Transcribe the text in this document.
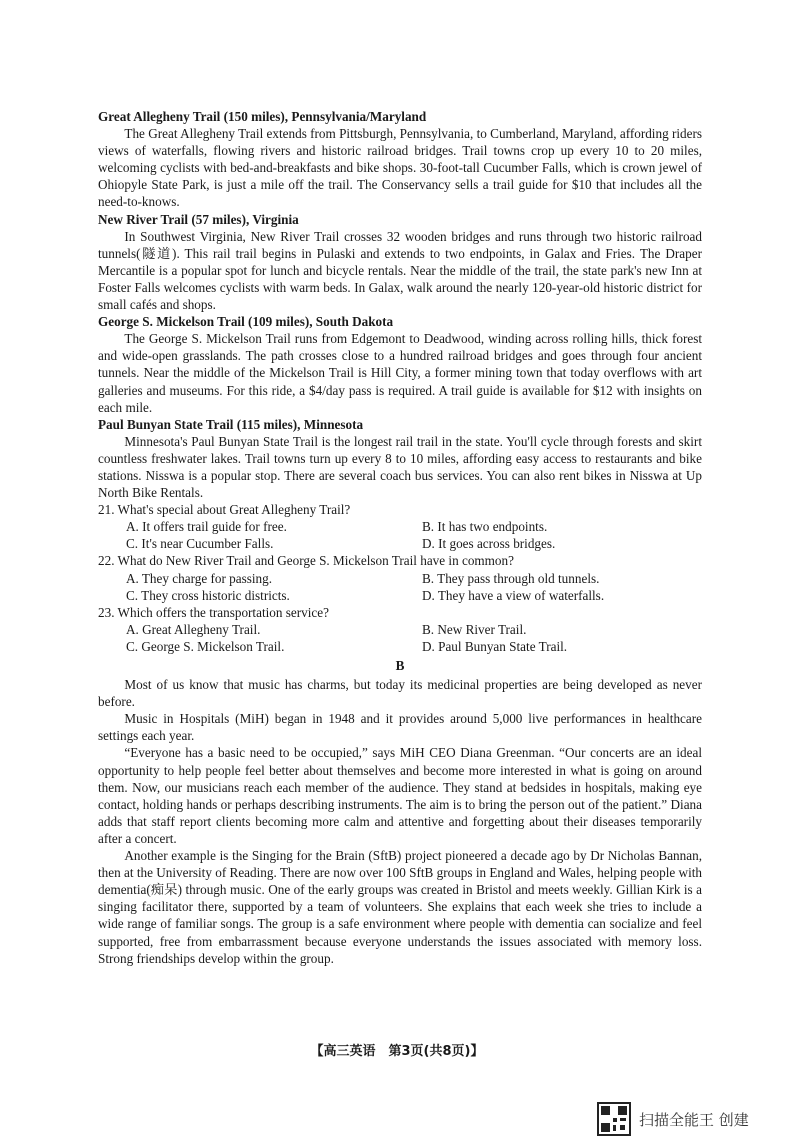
Great Allegheny Trail (150 miles), Pennsylvania/Maryland

The Great Allegheny Trail extends from Pittsburgh, Pennsylvania, to Cumberland, Maryland, affording riders views of waterfalls, flowing rivers and historic railroad bridges. Trail towns crop up every 10 to 20 miles, welcoming cyclists with bed-and-breakfasts and bike shops. 30-foot-tall Cucumber Falls, which is crown jewel of Ohiopyle State Park, is just a mile off the trail. The Conservancy sells a trail guide for $10 that includes all the need-to-knows.

New River Trail (57 miles), Virginia

In Southwest Virginia, New River Trail crosses 32 wooden bridges and runs through two historic railroad tunnels(隧道). This rail trail begins in Pulaski and extends to two endpoints, in Galax and Fries. The Draper Mercantile is a popular spot for lunch and bicycle rentals. Near the middle of the trail, the state park's new Inn at Foster Falls welcomes cyclists with warm beds. In Galax, walk around the nearly 120-year-old historic district for small cafés and shops.

George S. Mickelson Trail (109 miles), South Dakota

The George S. Mickelson Trail runs from Edgemont to Deadwood, winding across rolling hills, thick forest and wide-open grasslands. The path crosses close to a hundred railroad bridges and goes through four ancient tunnels. Near the middle of the Mickelson Trail is Hill City, a former mining town that today overflows with art galleries and museums. For this ride, a $4/day pass is required. A trail guide is available for $12 with insights on each mile.

Paul Bunyan State Trail (115 miles), Minnesota

Minnesota's Paul Bunyan State Trail is the longest rail trail in the state. You'll cycle through forests and skirt countless freshwater lakes. Trail towns turn up every 8 to 10 miles, affording easy access to restaurants and bike stations. Nisswa is a popular stop. There are several coach bus services. You can also rent bikes in Nisswa at Up North Bike Rentals.

21. What's special about Great Allegheny Trail?

A. It offers trail guide for free.	B. It has two endpoints.
C. It's near Cucumber Falls.	D. It goes across bridges.

22. What do New River Trail and George S. Mickelson Trail have in common?

A. They charge for passing.	B. They pass through old tunnels.
C. They cross historic districts.	D. They have a view of waterfalls.

23. Which offers the transportation service?

A. Great Allegheny Trail.	B. New River Trail.
C. George S. Mickelson Trail.	D. Paul Bunyan State Trail.

B

Most of us know that music has charms, but today its medicinal properties are being developed as never before.

Music in Hospitals (MiH) began in 1948 and it provides around 5,000 live performances in healthcare settings each year.

“Everyone has a basic need to be occupied,” says MiH CEO Diana Greenman. “Our concerts are an ideal opportunity to help people feel better about themselves and become more interested in what is going on around them. Now, our musicians reach each member of the audience. They stand at bedsides in hospitals, making eye contact, holding hands or perhaps describing instruments. The aim is to bring the person out of the patient.” Diana adds that staff report clients becoming more calm and attentive and forgetting about their diseases temporarily after a concert.

Another example is the Singing for the Brain (SftB) project pioneered a decade ago by Dr Nicholas Bannan, then at the University of Reading. There are now over 100 SftB groups in England and Wales, helping people with dementia(痴呆) through music. One of the early groups was created in Bristol and meets weekly. Gillian Kirk is a singing facilitator there, supported by a team of volunteers. She explains that each week she tries to include a wide range of familiar songs. The group is a safe environment where people with dementia can socialize and feel supported, free from embarrassment because everyone understands the issues associated with memory loss. Strong friendships develop within the group.

【高三英语　第3页(共8页)】
扫描全能王 创建
